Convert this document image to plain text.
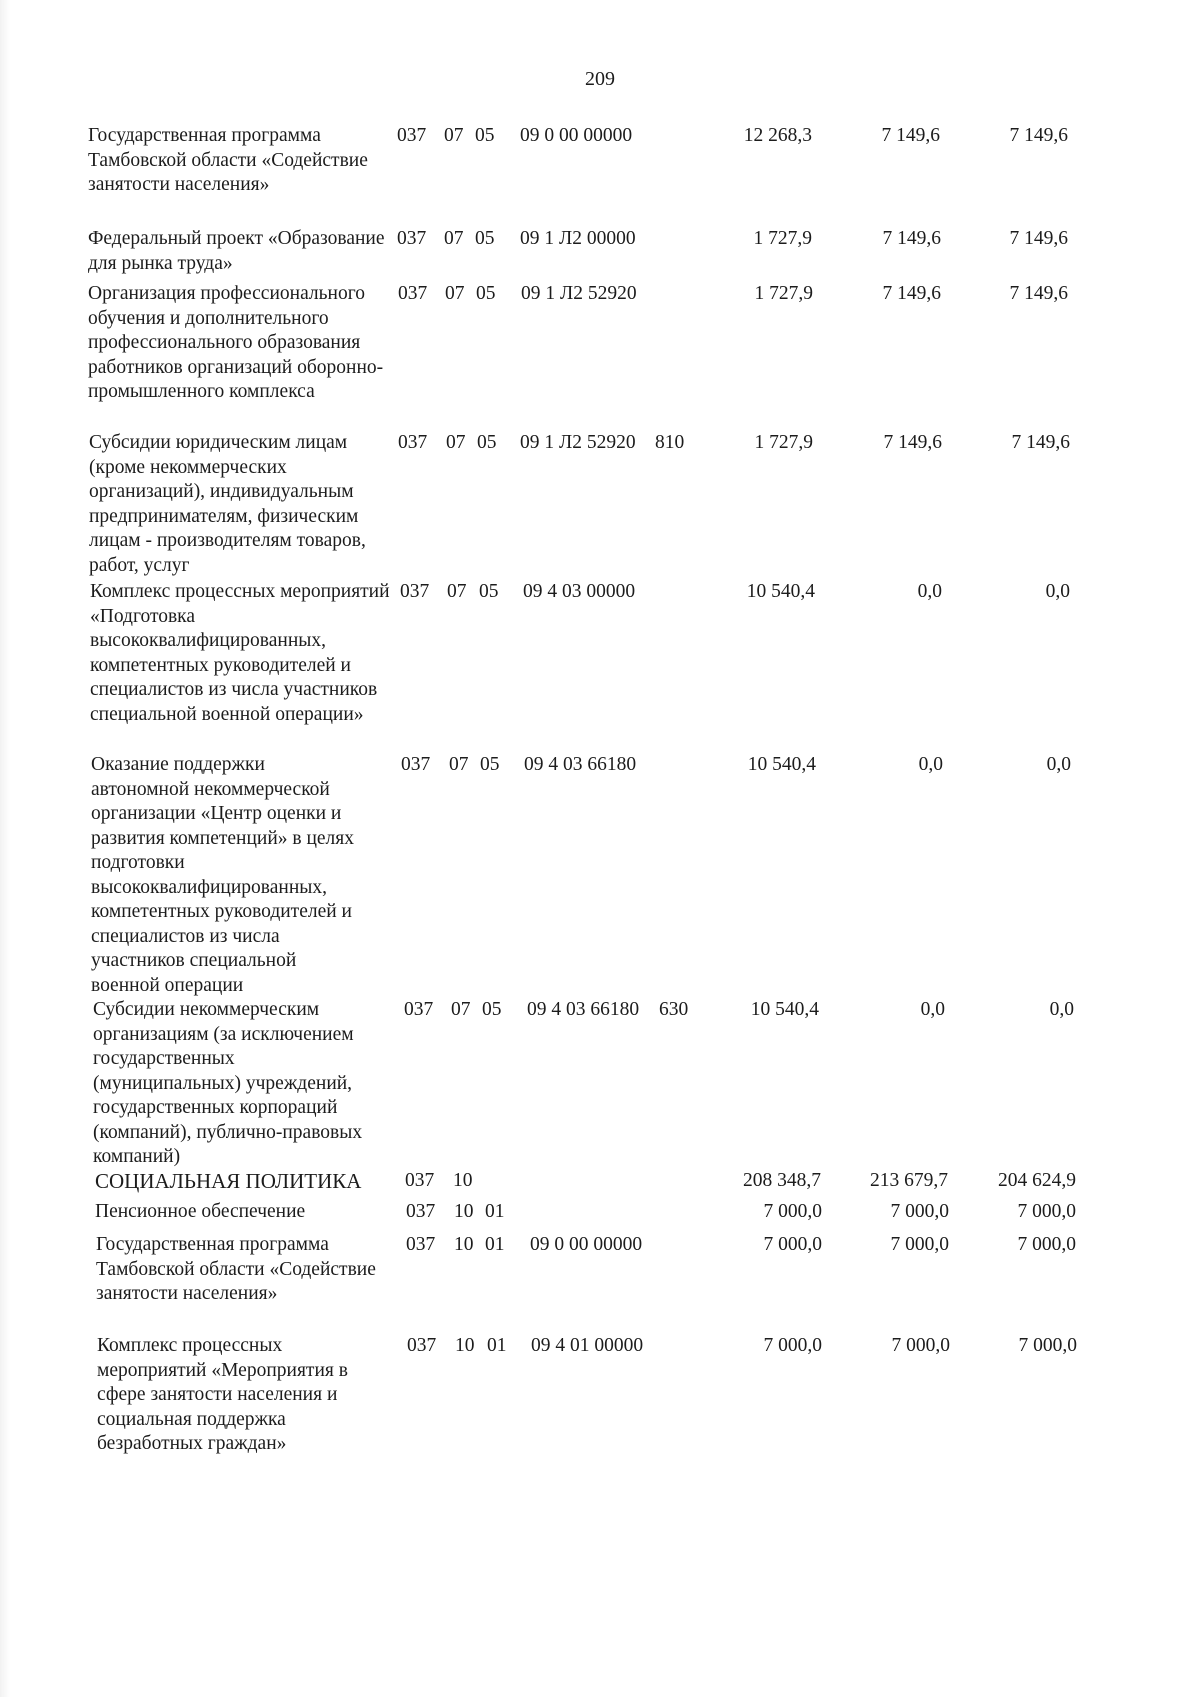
209
Государственная программа Тамбовской области «Содействие занятости населения»
037 07 05 09 0 00 00000	12 268,3	7 149,6	7 149,6
Федеральный проект «Образование для рынка труда»
037 07 05 09 1 Л2 00000	1 727,9	7 149,6	7 149,6
Организация профессионального обучения и дополнительного профессионального образования работников организаций оборонно-промышленного комплекса
037 07 05 09 1 Л2 52920	1 727,9	7 149,6	7 149,6
Субсидии юридическим лицам (кроме некоммерческих организаций), индивидуальным предпринимателям, физическим лицам - производителям товаров, работ, услуг
037 07 05 09 1 Л2 52920 810	1 727,9	7 149,6	7 149,6
Комплекс процессных мероприятий «Подготовка высококвалифицированных, компетентных руководителей и специалистов из числа участников специальной военной операции»
037 07 05 09 4 03 00000	10 540,4	0,0	0,0
Оказание поддержки автономной некоммерческой организации «Центр оценки и развития компетенций» в целях подготовки высококвалифицированных, компетентных руководителей и специалистов из числа участников специальной военной операции
037 07 05 09 4 03 66180	10 540,4	0,0	0,0
Субсидии некоммерческим организациям (за исключением государственных (муниципальных) учреждений, государственных корпораций (компаний), публично-правовых компаний)
037 07 05 09 4 03 66180 630	10 540,4	0,0	0,0
СОЦИАЛЬНАЯ ПОЛИТИКА	037 10	208 348,7	213 679,7	204 624,9
Пенсионное обеспечение	037 10 01	7 000,0	7 000,0	7 000,0
Государственная программа Тамбовской области «Содействие занятости населения»
037 10 01 09 0 00 00000	7 000,0	7 000,0	7 000,0
Комплекс процессных мероприятий «Мероприятия в сфере занятости населения и социальная поддержка безработных граждан»
037 10 01 09 4 01 00000	7 000,0	7 000,0	7 000,0
